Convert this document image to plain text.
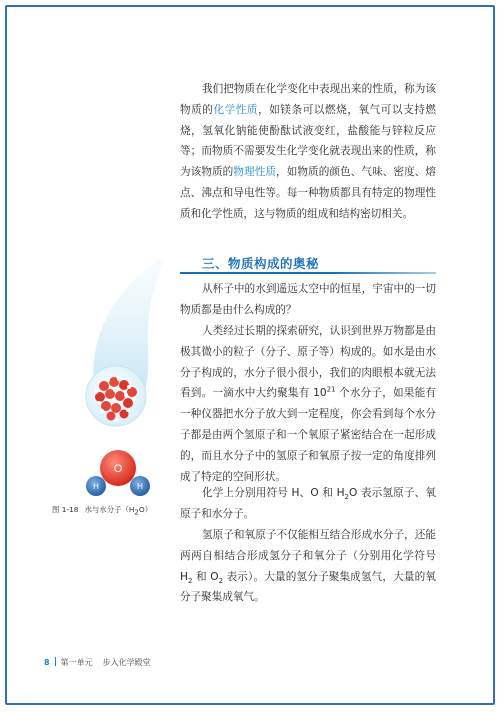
我们把物质在化学变化中表现出来的性质，称为该物质的化学性质，如镁条可以燃烧，氧气可以支持燃烧，氢氧化钠能使酚酞试液变红，盐酸能与锌粒反应等；而物质不需要发生化学变化就表现出来的性质，称为该物质的物理性质，如物质的颜色、气味、密度、熔点、沸点和导电性等。每一种物质都具有特定的物理性质和化学性质，这与物质的组成和结构密切相关。

三、物质构成的奥秘

从杯子中的水到遥远太空中的恒星，宇宙中的一切物质都是由什么构成的？

人类经过长期的探索研究，认识到世界万物都是由极其微小的粒子（分子、原子等）构成的。如水是由水分子构成的，水分子很小很小，我们的肉眼根本就无法看到。一滴水中大约聚集有 $10^{21}$ 个水分子，如果能有一种仪器把水分子放大到一定程度，你会看到每个水分子都是由两个氢原子和一个氧原子紧密结合在一起形成的，而且水分子中的氢原子和氧原子按一定的角度排列成了特定的空间形状。

化学上分别用符号 H、O 和 $H_2O$ 表示氢原子、氧原子和水分子。

氢原子和氧原子不仅能相互结合形成水分子，还能两两自相结合形成氢分子和氧分子（分别用化学符号 $H_2$ 和 $O_2$ 表示）。大量的氢分子聚集成氢气，大量的氧分子聚集成氧气。

O
H	H
图 1-18 水与水分子$(H_2O)$
8 第一单元 步入化学殿堂
